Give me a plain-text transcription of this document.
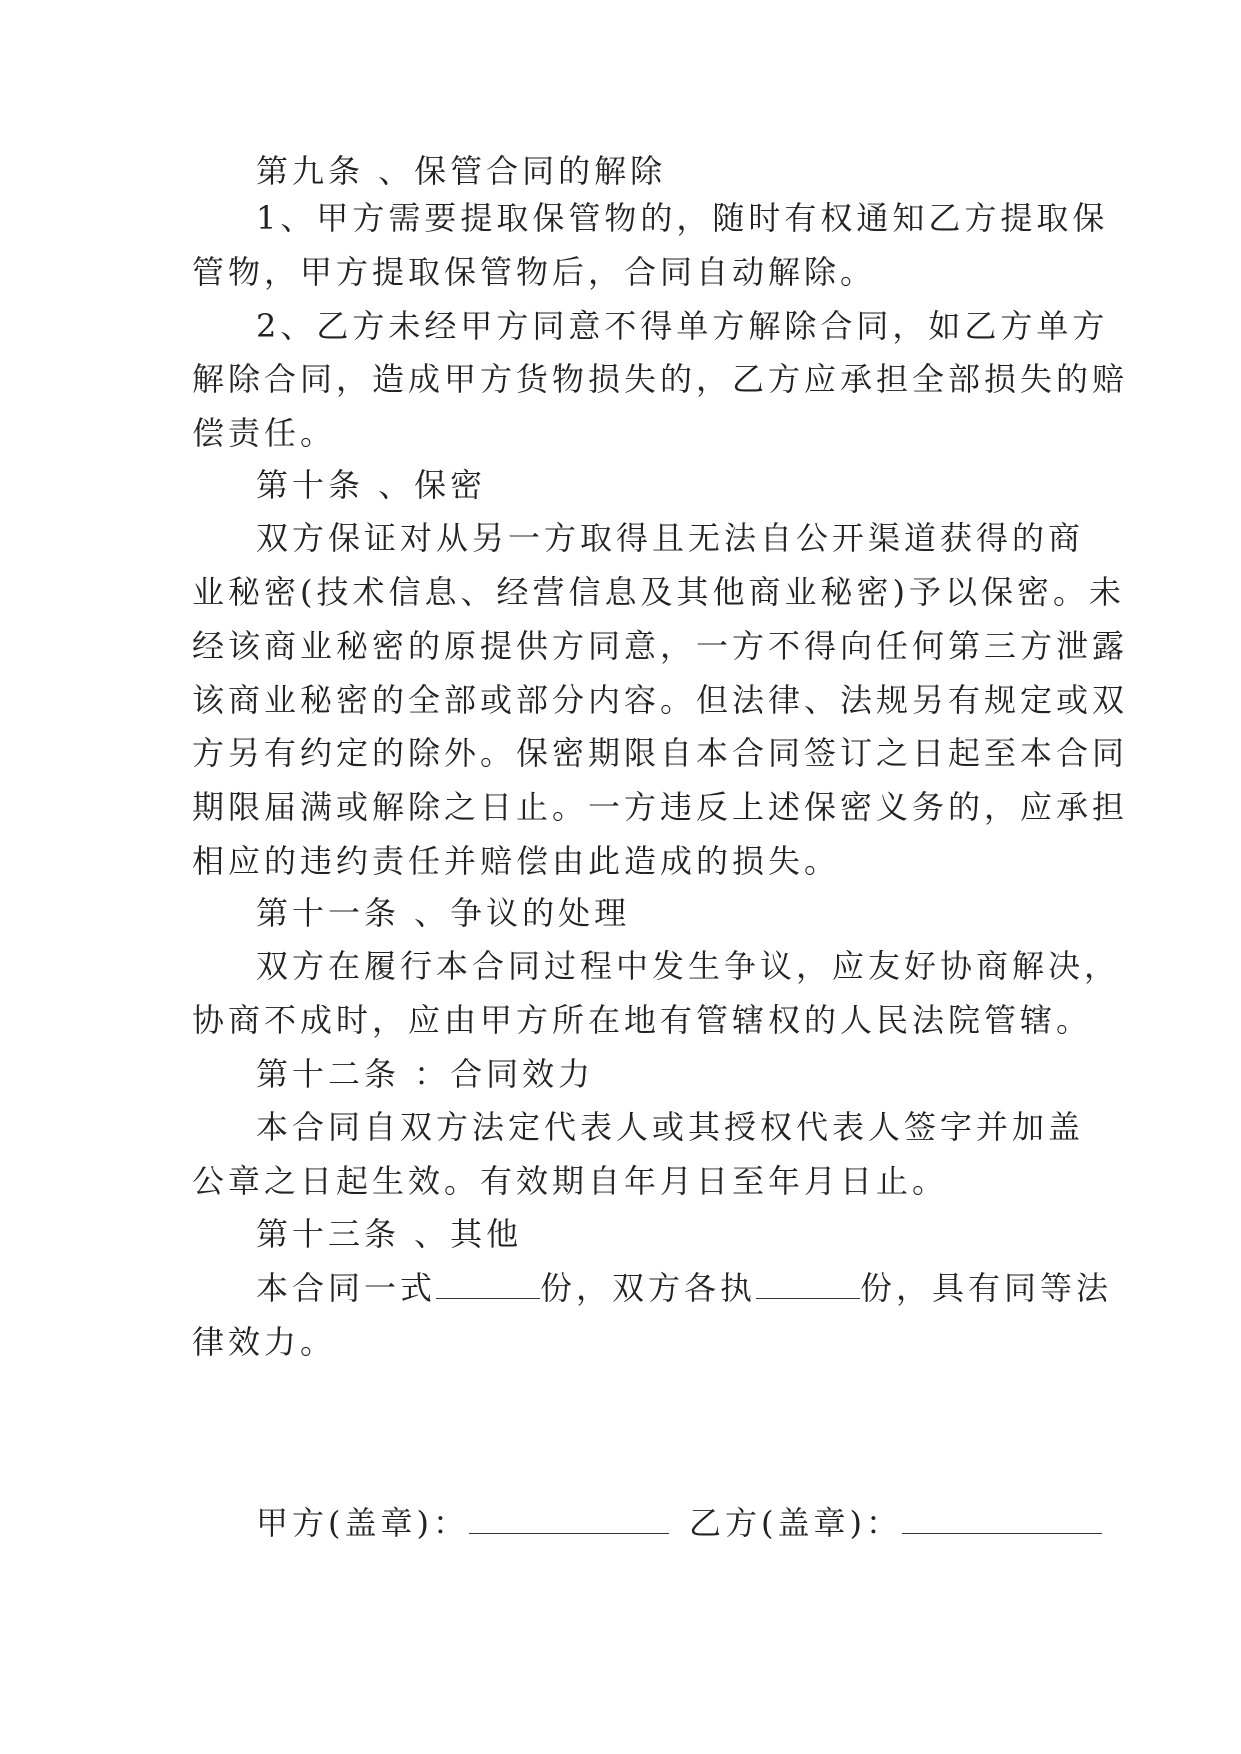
第九条 、保管合同的解除
1、甲方需要提取保管物的，随时有权通知乙方提取保
管物，甲方提取保管物后，合同自动解除。
2、乙方未经甲方同意不得单方解除合同，如乙方单方
解除合同，造成甲方货物损失的，乙方应承担全部损失的赔
偿责任。
第十条 、保密
双方保证对从另一方取得且无法自公开渠道获得的商
业秘密(技术信息、经营信息及其他商业秘密)予以保密。未
经该商业秘密的原提供方同意，一方不得向任何第三方泄露
该商业秘密的全部或部分内容。但法律、法规另有规定或双
方另有约定的除外。保密期限自本合同签订之日起至本合同
期限届满或解除之日止。一方违反上述保密义务的，应承担
相应的违约责任并赔偿由此造成的损失。
第十一条 、争议的处理
双方在履行本合同过程中发生争议，应友好协商解决，
协商不成时，应由甲方所在地有管辖权的人民法院管辖。
第十二条 ：合同效力
本合同自双方法定代表人或其授权代表人签字并加盖
公章之日起生效。有效期自年月日至年月日止。
第十三条 、其他
本合同一式	份，双方各执	份，具有同等法
律效力。
甲方(盖章)：	乙方(盖章)：
